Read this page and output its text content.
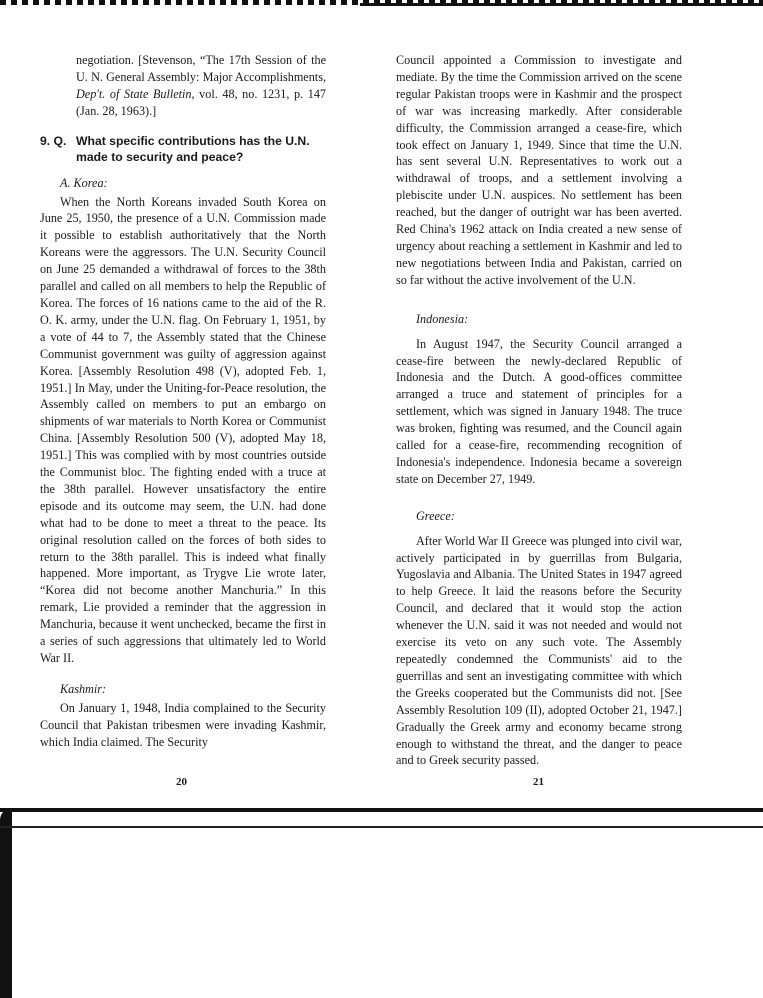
negotiation. [Stevenson, “The 17th Session of the U. N. General Assembly: Major Accomplishments, Dep't. of State Bulletin, vol. 48, no. 1231, p. 147 (Jan. 28, 1963).]

9. Q. What specific contributions has the U.N. made to security and peace?

A. Korea:

When the North Koreans invaded South Korea on June 25, 1950, the presence of a U.N. Commission made it possible to establish authoritatively that the North Koreans were the aggressors. The U.N. Security Council on June 25 demanded a withdrawal of forces to the 38th parallel and called on all members to help the Republic of Korea. The forces of 16 nations came to the aid of the R. O. K. army, under the U.N. flag. On February 1, 1951, by a vote of 44 to 7, the Assembly stated that the Chinese Communist government was guilty of aggression against Korea. [Assembly Resolution 498 (V), adopted Feb. 1, 1951.] In May, under the Uniting-for-Peace resolution, the Assembly called on members to put an embargo on shipments of war materials to North Korea or Communist China. [Assembly Resolution 500 (V), adopted May 18, 1951.] This was complied with by most countries outside the Communist bloc. The fighting ended with a truce at the 38th parallel. However unsatisfactory the entire episode and its outcome may seem, the U.N. had done what had to be done to meet a threat to the peace. Its original resolution called on the forces of both sides to return to the 38th parallel. This is indeed what finally happened. More important, as Trygve Lie wrote later, “Korea did not become another Manchuria.” In this remark, Lie provided a reminder that the aggression in Manchuria, because it went unchecked, became the first in a series of such aggressions that ultimately led to World War II.

Kashmir:

On January 1, 1948, India complained to the Security Council that Pakistan tribesmen were invading Kashmir, which India claimed. The Security

Council appointed a Commission to investigate and mediate. By the time the Commission arrived on the scene regular Pakistan troops were in Kashmir and the prospect of war was increasing markedly. After considerable difficulty, the Commission arranged a cease-fire, which took effect on January 1, 1949. Since that time the U.N. has sent several U.N. Representatives to work out a withdrawal of troops, and a settlement involving a plebiscite under U.N. auspices. No settlement has been reached, but the danger of outright war has been averted. Red China's 1962 attack on India created a new sense of urgency about reaching a settlement in Kashmir and led to new negotiations between India and Pakistan, carried on so far without the active involvement of the U.N.

Indonesia:

In August 1947, the Security Council arranged a cease-fire between the newly-declared Republic of Indonesia and the Dutch. A good-offices committee arranged a truce and statement of principles for a settlement, which was signed in January 1948. The truce was broken, fighting was resumed, and the Council again called for a cease-fire, recommending recognition of Indonesia's independence. Indonesia became a sovereign state on December 27, 1949.

Greece:

After World War II Greece was plunged into civil war, actively participated in by guerrillas from Bulgaria, Yugoslavia and Albania. The United States in 1947 agreed to help Greece. It laid the reasons before the Security Council, and declared that it would stop the action whenever the U.N. said it was not needed and would not exercise its veto on any such vote. The Assembly repeatedly condemned the Communists' aid to the guerrillas and sent an investigating committee with which the Greeks cooperated but the Communists did not. [See Assembly Resolution 109 (II), adopted October 21, 1947.] Gradually the Greek army and economy became strong enough to withstand the threat, and the danger to peace and to Greek security passed.

20	21
